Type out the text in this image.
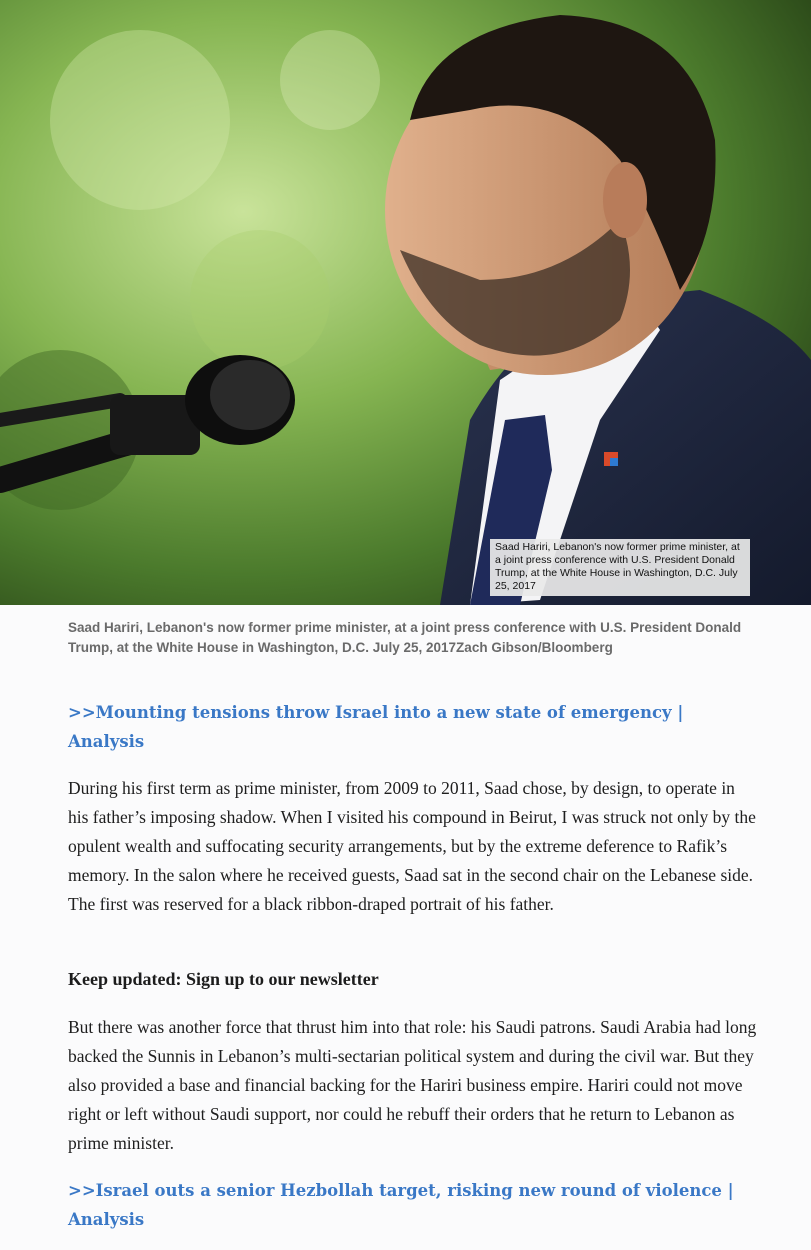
Saad Hariri, Lebanon's now former prime minister, at a joint press conference with U.S. President Donald Trump, at the White House in Washington, D.C. July 25, 2017
Saad Hariri, Lebanon's now former prime minister, at a joint press conference with U.S. President Donald Trump, at the White House in Washington, D.C. July 25, 2017Zach Gibson/Bloomberg
>>Mounting tensions throw Israel into a new state of emergency | Analysis

During his first term as prime minister, from 2009 to 2011, Saad chose, by design, to operate in his father’s imposing shadow. When I visited his compound in Beirut, I was struck not only by the opulent wealth and suffocating security arrangements, but by the extreme deference to Rafik’s memory. In the salon where he received guests, Saad sat in the second chair on the Lebanese side. The first was reserved for a black ribbon-draped portrait of his father.

Keep updated: Sign up to our newsletter

But there was another force that thrust him into that role: his Saudi patrons. Saudi Arabia had long backed the Sunnis in Lebanon’s multi-sectarian political system and during the civil war. But they also provided a base and financial backing for the Hariri business empire. Hariri could not move right or left without Saudi support, nor could he rebuff their orders that he return to Lebanon as prime minister.

>>Israel outs a senior Hezbollah target, risking new round of violence | Analysis
